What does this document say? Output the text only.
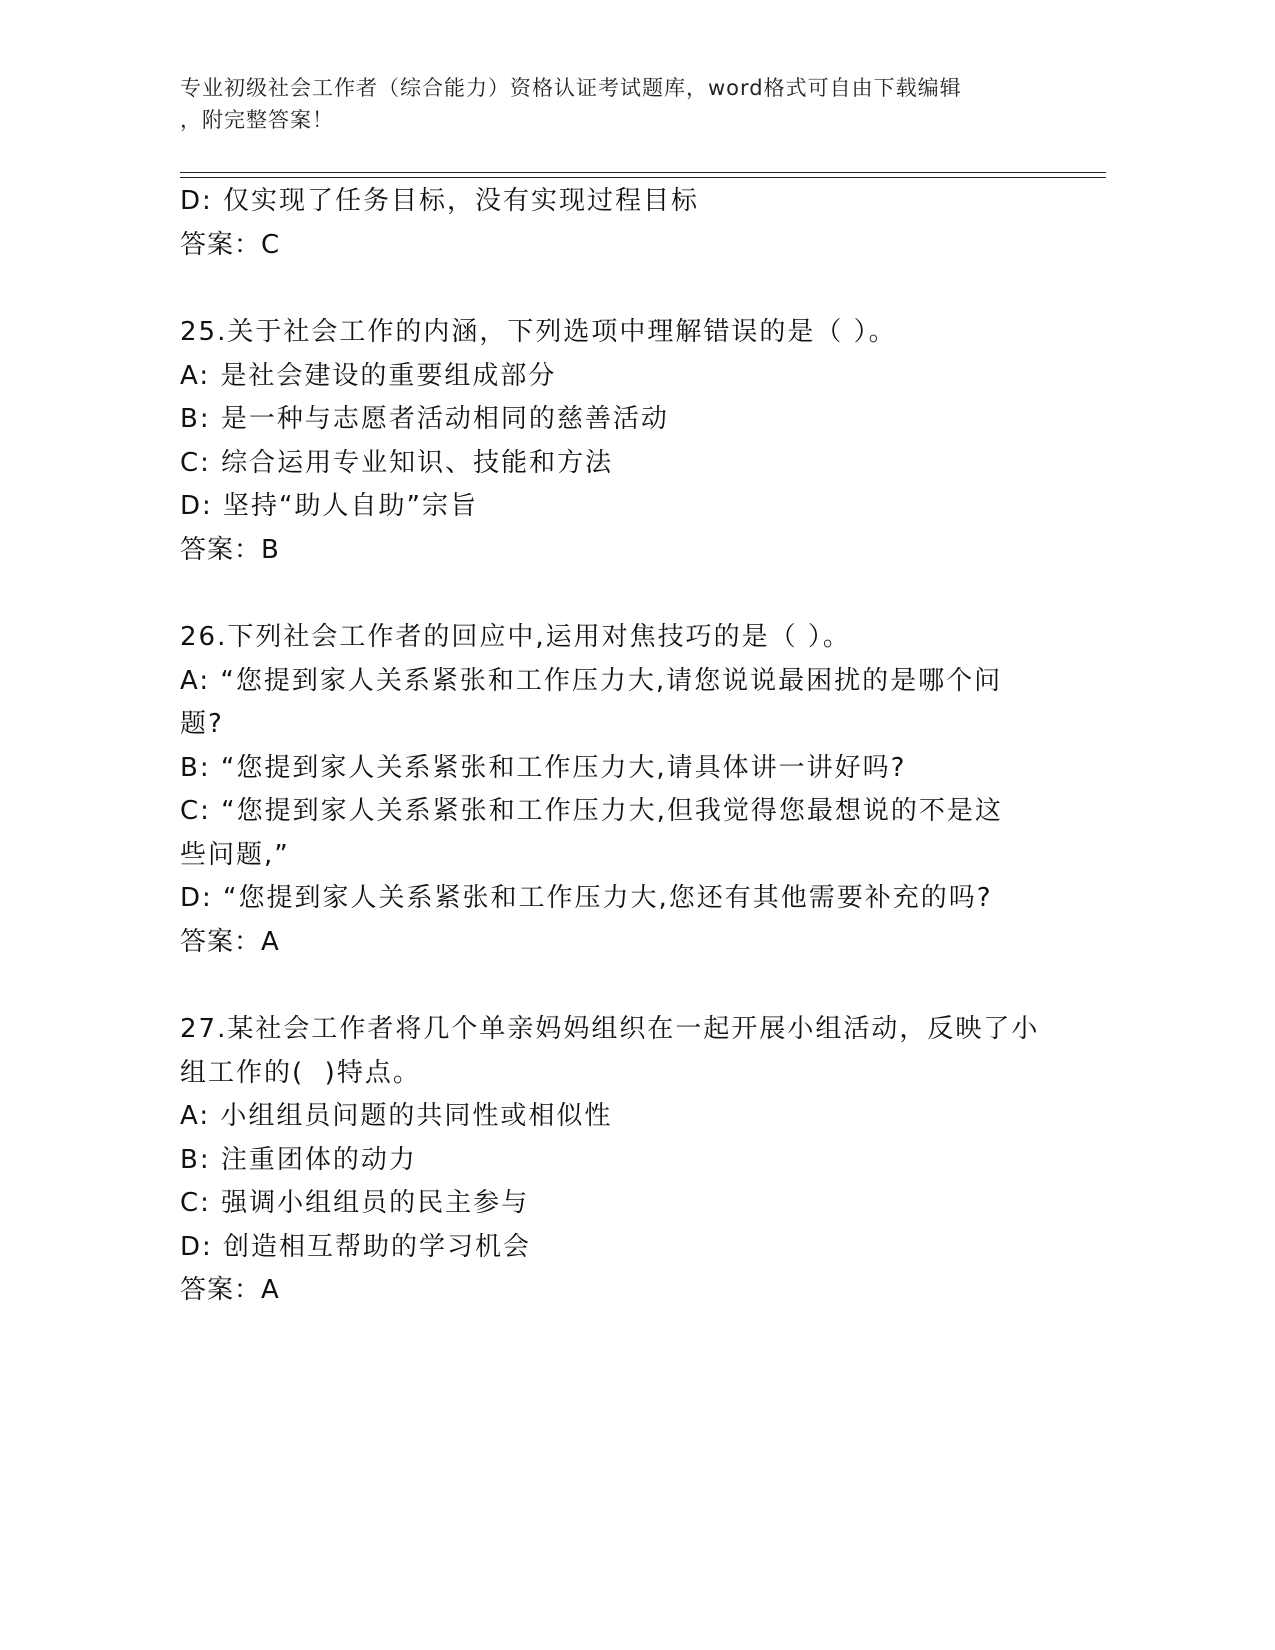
专业初级社会工作者（综合能力）资格认证考试题库，word格式可自由下载编辑
，附完整答案！

D: 仅实现了任务目标，没有实现过程目标

答案：C

25.关于社会工作的内涵，下列选项中理解错误的是（ ）。

A: 是社会建设的重要组成部分

B: 是一种与志愿者活动相同的慈善活动

C: 综合运用专业知识、技能和方法

D: 坚持“助人自助”宗旨

答案：B

26.下列社会工作者的回应中,运用对焦技巧的是（ ）。

A: “您提到家人关系紧张和工作压力大,请您说说最困扰的是哪个问

题?

B: “您提到家人关系紧张和工作压力大,请具体讲一讲好吗?

C: “您提到家人关系紧张和工作压力大,但我觉得您最想说的不是这

些问题,”

D: “您提到家人关系紧张和工作压力大,您还有其他需要补充的吗?

答案：A

27.某社会工作者将几个单亲妈妈组织在一起开展小组活动，反映了小

组工作的(  )特点。

A: 小组组员问题的共同性或相似性

B: 注重团体的动力

C: 强调小组组员的民主参与

D: 创造相互帮助的学习机会

答案：A
